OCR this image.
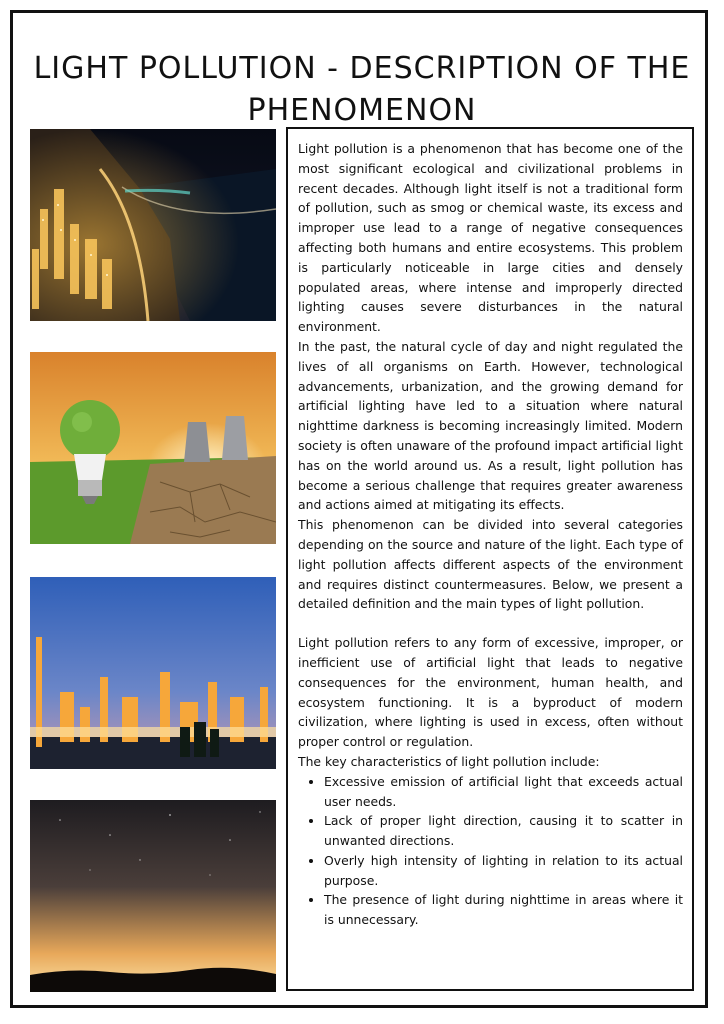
LIGHT POLLUTION - DESCRIPTION OF THE PHENOMENON

Light pollution is a phenomenon that has become one of the most significant ecological and civilizational problems in recent decades. Although light itself is not a traditional form of pollution, such as smog or chemical waste, its excess and improper use lead to a range of negative consequences affecting both humans and entire ecosystems. This problem is particularly noticeable in large cities and densely populated areas, where intense and improperly directed lighting causes severe disturbances in the natural environment.

In the past, the natural cycle of day and night regulated the lives of all organisms on Earth. However, technological advancements, urbanization, and the growing demand for artificial lighting have led to a situation where natural nighttime darkness is becoming increasingly limited. Modern society is often unaware of the profound impact artificial light has on the world around us. As a result, light pollution has become a serious challenge that requires greater awareness and actions aimed at mitigating its effects.

This phenomenon can be divided into several categories depending on the source and nature of the light. Each type of light pollution affects different aspects of the environment and requires distinct countermeasures. Below, we present a detailed definition and the main types of light pollution.

Light pollution refers to any form of excessive, improper, or inefficient use of artificial light that leads to negative consequences for the environment, human health, and ecosystem functioning. It is a byproduct of modern civilization, where lighting is used in excess, often without proper control or regulation.

The key characteristics of light pollution include:

• Excessive emission of artificial light that exceeds actual user needs.
• Lack of proper light direction, causing it to scatter in unwanted directions.
• Overly high intensity of lighting in relation to its actual purpose.
• The presence of light during nighttime in areas where it is unnecessary.
